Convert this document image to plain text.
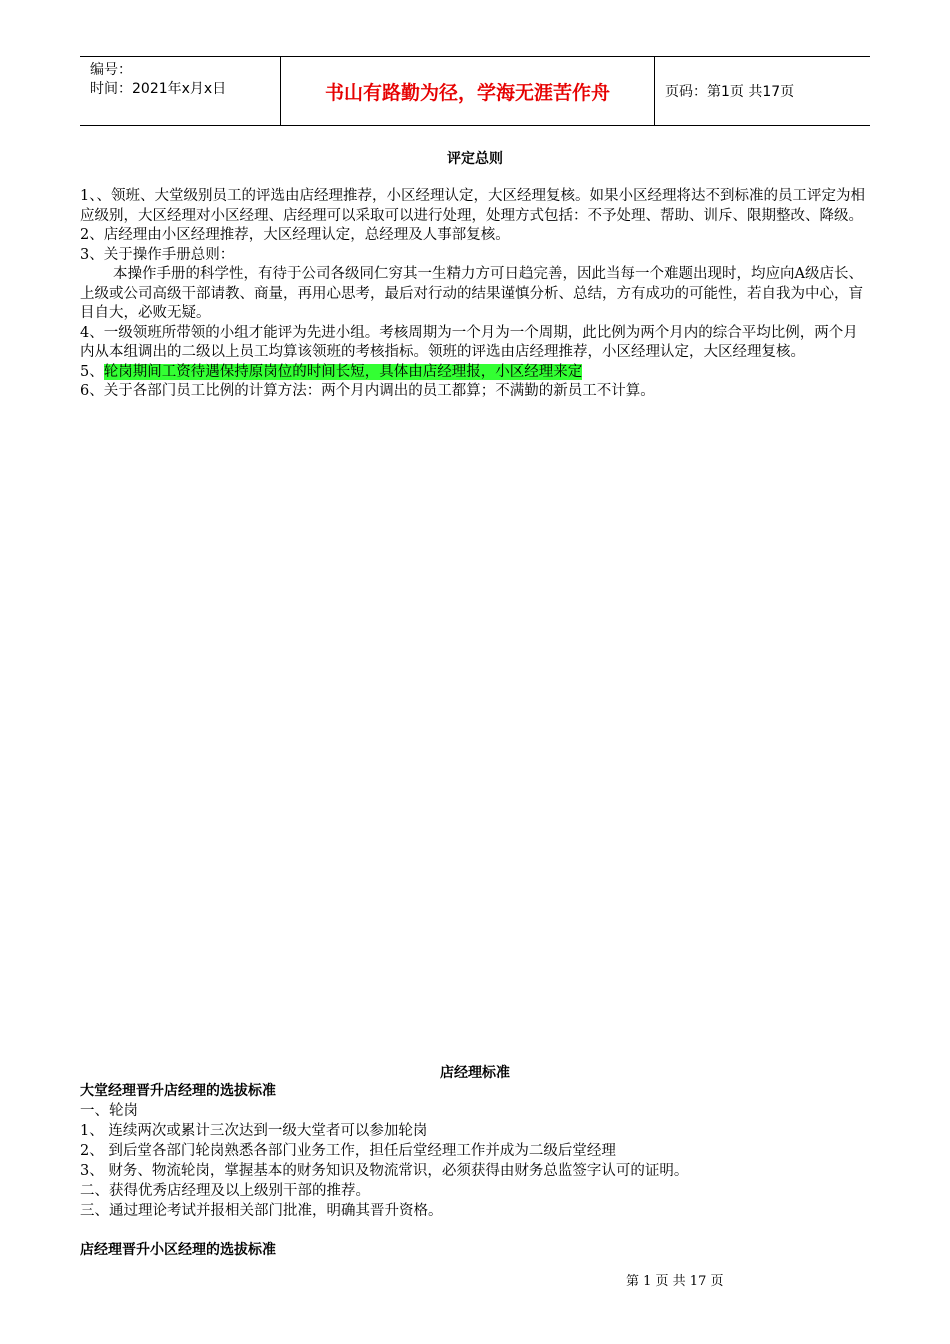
编号：
时间：2021年x月x日	书山有路勤为径，学海无涯苦作舟	页码：第1页 共17页
评定总则

1、、领班、大堂级别员工的评选由店经理推荐，小区经理认定，大区经理复核。如果小区经理将达不到标准的员工评定为相应级别，大区经理对小区经理、店经理可以采取可以进行处理，处理方式包括：不予处理、帮助、训斥、限期整改、降级。

2、店经理由小区经理推荐，大区经理认定，总经理及人事部复核。

3、关于操作手册总则：

本操作手册的科学性，有待于公司各级同仁穷其一生精力方可日趋完善，因此当每一个难题出现时，均应向A级店长、上级或公司高级干部请教、商量，再用心思考，最后对行动的结果谨慎分析、总结，方有成功的可能性，若自我为中心，盲目自大，必败无疑。

4、一级领班所带领的小组才能评为先进小组。考核周期为一个月为一个周期，此比例为两个月内的综合平均比例，两个月内从本组调出的二级以上员工均算该领班的考核指标。领班的评选由店经理推荐，小区经理认定，大区经理复核。

5、轮岗期间工资待遇保持原岗位的时间长短，具体由店经理报，小区经理来定

6、关于各部门员工比例的计算方法：两个月内调出的员工都算；不满勤的新员工不计算。

店经理标准

大堂经理晋升店经理的选拔标准

一、轮岗

1、 连续两次或累计三次达到一级大堂者可以参加轮岗

2、 到后堂各部门轮岗熟悉各部门业务工作，担任后堂经理工作并成为二级后堂经理

3、 财务、物流轮岗，掌握基本的财务知识及物流常识，必须获得由财务总监签字认可的证明。

二、获得优秀店经理及以上级别干部的推荐。

三、通过理论考试并报相关部门批准，明确其晋升资格。

店经理晋升小区经理的选拔标准

第 1 页 共 17 页
